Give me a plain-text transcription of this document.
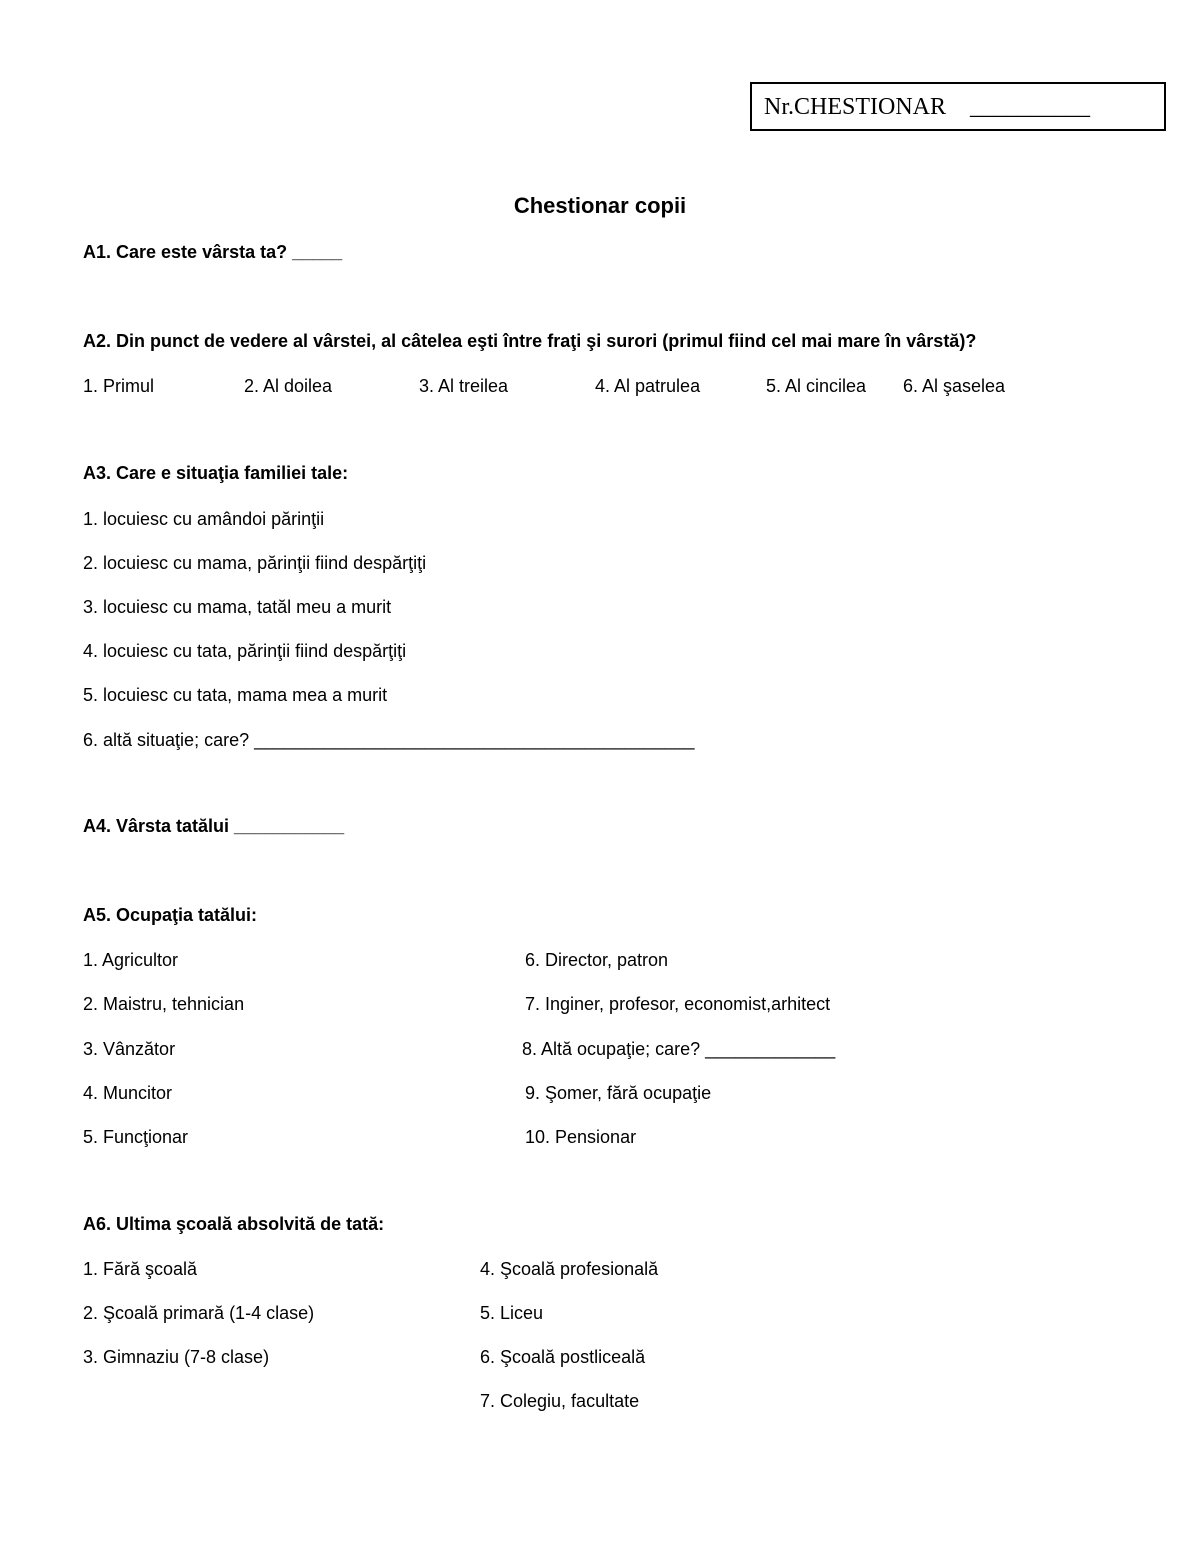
Nr.CHESTIONAR __________
Chestionar copii
A1. Care este vârsta ta? _____
A2. Din punct de vedere al vârstei, al câtelea eşti între fraţi şi surori (primul fiind cel mai mare în vârstă)?
1. Primul	2. Al doilea	3. Al treilea	4. Al patrulea	5. Al cincilea 6. Al şaselea
A3. Care e situaţia familiei tale:
1. locuiesc cu amândoi părinţii
2. locuiesc cu mama, părinţii fiind despărţiţi
3. locuiesc cu mama, tatăl meu a murit
4. locuiesc cu tata, părinţii fiind despărţiţi
5. locuiesc cu tata, mama mea a murit
6. altă situaţie; care? ____________________________________________
A4. Vârsta tatălui ___________
A5. Ocupaţia tatălui:
1. Agricultor
2. Maistru, tehnician
3. Vânzător
4. Muncitor
5. Funcţionar
6. Director, patron
7. Inginer, profesor, economist,arhitect
8. Altă ocupaţie; care? _____________
9. Şomer, fără ocupaţie
10. Pensionar
A6. Ultima şcoală absolvită de tată:
1. Fără şcoală
2. Şcoală primară (1-4 clase)
3. Gimnaziu (7-8 clase)
4. Şcoală profesională
5. Liceu
6. Şcoală postliceală
7. Colegiu, facultate
